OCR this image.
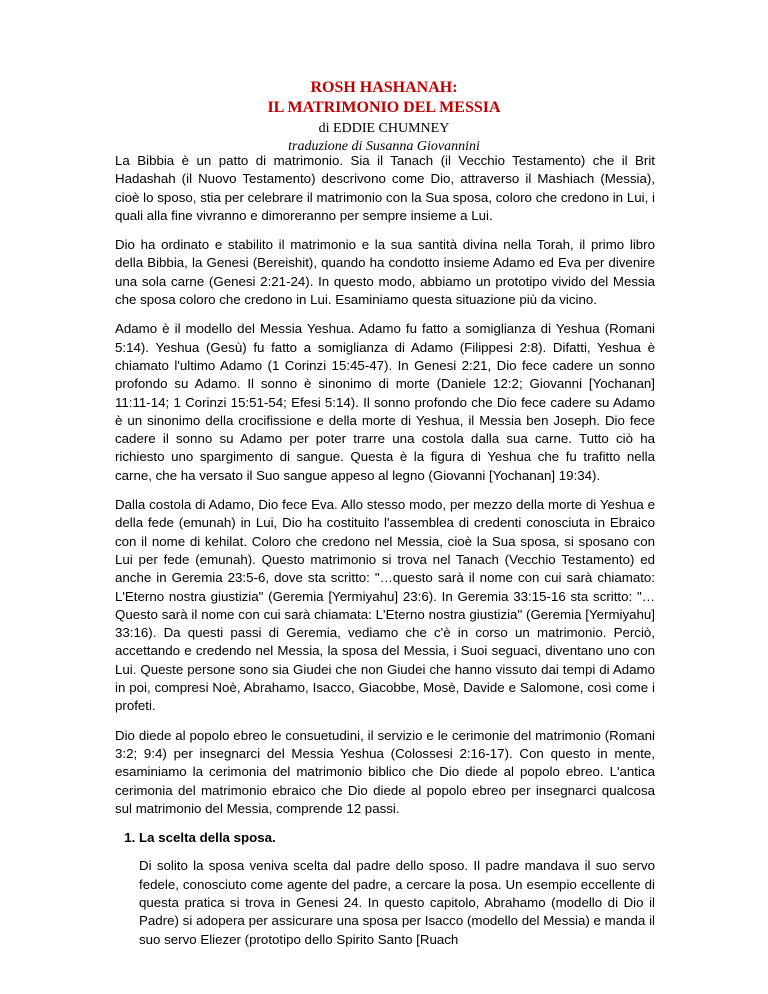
ROSH HASHANAH:
IL MATRIMONIO DEL MESSIA
di EDDIE CHUMNEY
traduzione di Susanna Giovannini

La Bibbia è un patto di matrimonio. Sia il Tanach (il Vecchio Testamento) che il Brit Hadashah (il Nuovo Testamento) descrivono come Dio, attraverso il Mashiach (Messia), cioè lo sposo, stia per celebrare il matrimonio con la Sua sposa, coloro che credono in Lui, i quali alla fine vivranno e dimoreranno per sempre insieme a Lui.

Dio ha ordinato e stabilito il matrimonio e la sua santità divina nella Torah, il primo libro della Bibbia, la Genesi (Bereishit), quando ha condotto insieme Adamo ed Eva per divenire una sola carne (Genesi 2:21-24). In questo modo, abbiamo un prototipo vivido del Messia che sposa coloro che credono in Lui. Esaminiamo questa situazione più da vicino.

Adamo è il modello del Messia Yeshua. Adamo fu fatto a somiglianza di Yeshua (Romani 5:14). Yeshua (Gesù) fu fatto a somiglianza di Adamo (Filippesi 2:8). Difatti, Yeshua è chiamato l'ultimo Adamo (1 Corinzi 15:45-47). In Genesi 2:21, Dio fece cadere un sonno profondo su Adamo. Il sonno è sinonimo di morte (Daniele 12:2; Giovanni [Yochanan] 11:11-14; 1 Corinzi 15:51-54; Efesi 5:14). Il sonno profondo che Dio fece cadere su Adamo è un sinonimo della crocifissione e della morte di Yeshua, il Messia ben Joseph. Dio fece cadere il sonno su Adamo per poter trarre una costola dalla sua carne. Tutto ciò ha richiesto uno spargimento di sangue. Questa è la figura di Yeshua che fu trafitto nella carne, che ha versato il Suo sangue appeso al legno (Giovanni [Yochanan] 19:34).

Dalla costola di Adamo, Dio fece Eva. Allo stesso modo, per mezzo della morte di Yeshua e della fede (emunah) in Lui, Dio ha costituito l'assemblea di credenti conosciuta in Ebraico con il nome di kehilat. Coloro che credono nel Messia, cioè la Sua sposa, si sposano con Lui per fede (emunah). Questo matrimonio si trova nel Tanach (Vecchio Testamento) ed anche in Geremia 23:5-6, dove sta scritto: "…questo sarà il nome con cui sarà chiamato: L'Eterno nostra giustizia" (Geremia [Yermiyahu] 23:6). In Geremia 33:15-16 sta scritto: "…Questo sarà il nome con cui sarà chiamata: L'Eterno nostra giustizia" (Geremia [Yermiyahu] 33:16). Da questi passi di Geremia, vediamo che c'è in corso un matrimonio. Perciò, accettando e credendo nel Messia, la sposa del Messia, i Suoi seguaci, diventano uno con Lui. Queste persone sono sia Giudei che non Giudei che hanno vissuto dai tempi di Adamo in poi, compresi Noè, Abrahamo, Isacco, Giacobbe, Mosè, Davide e Salomone, così come i profeti.

Dio diede al popolo ebreo le consuetudini, il servizio e le cerimonie del matrimonio (Romani 3:2; 9:4) per insegnarci del Messia Yeshua (Colossesi 2:16-17). Con questo in mente, esaminiamo la cerimonia del matrimonio biblico che Dio diede al popolo ebreo. L'antica cerimonia del matrimonio ebraico che Dio diede al popolo ebreo per insegnarci qualcosa sul matrimonio del Messia, comprende 12 passi.

1. La scelta della sposa.

Di solito la sposa veniva scelta dal padre dello sposo. Il padre mandava il suo servo fedele, conosciuto come agente del padre, a cercare la posa. Un esempio eccellente di questa pratica si trova in Genesi 24. In questo capitolo, Abrahamo (modello di Dio il Padre) si adopera per assicurare una sposa per Isacco (modello del Messia) e manda il suo servo Eliezer (prototipo dello Spirito Santo [Ruach
